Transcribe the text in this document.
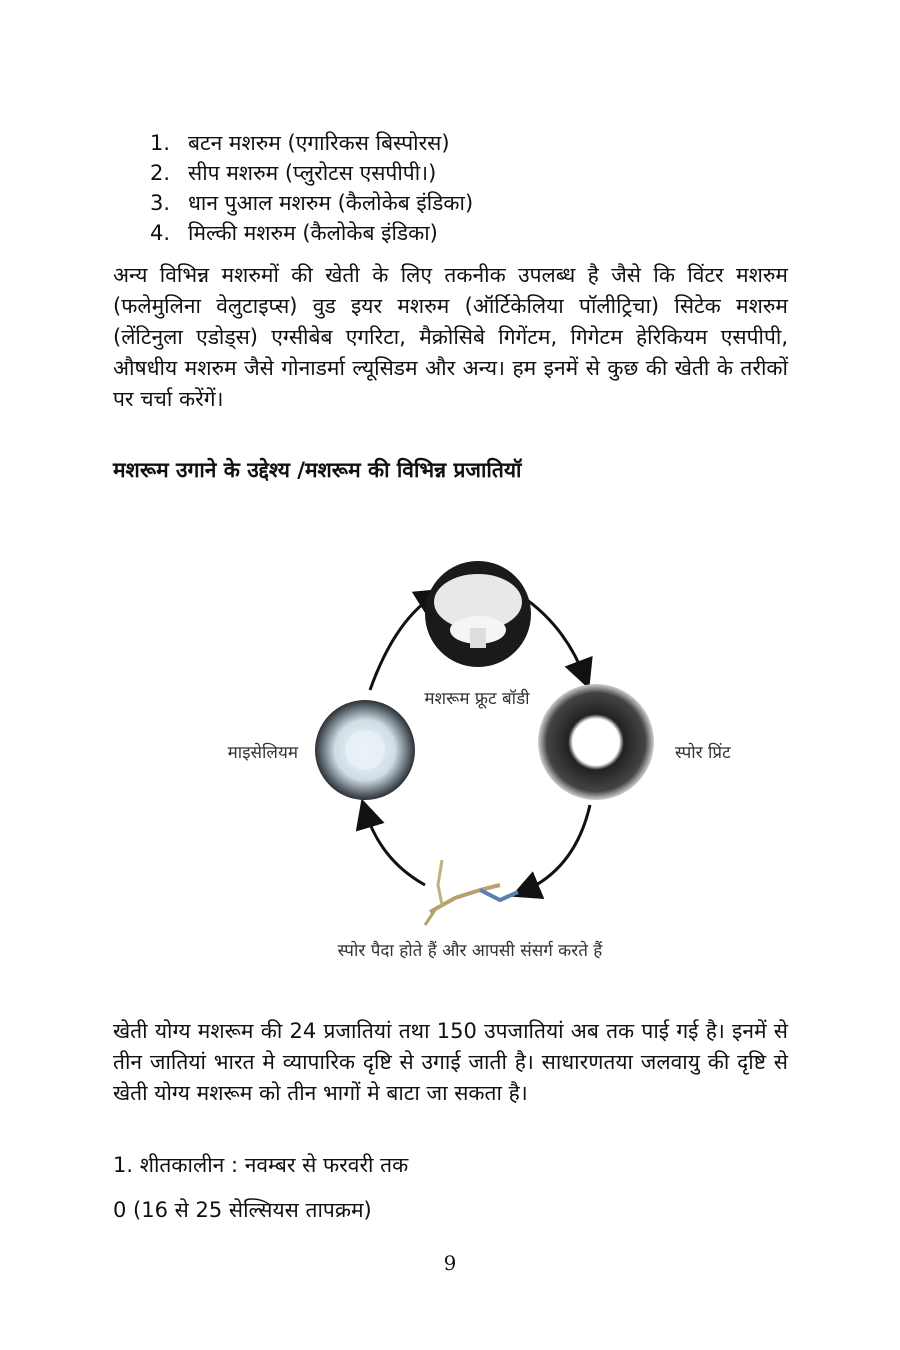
1. बटन मशरुम (एगारिकस बिस्पोरस)
2. सीप मशरुम (प्लुरोटस एसपीपी।)
3. धान पुआल मशरुम (कैलोकेब इंडिका)
4. मिल्की मशरुम (कैलोकेब इंडिका)

अन्य विभिन्न मशरुमों की खेती के लिए तकनीक उपलब्ध है जैसे कि विंटर मशरुम (फलेमुलिना वेलुटाइप्स) वुड इयर मशरुम (ऑर्टिकेलिया पॉलीट्रिचा) सिटेक मशरुम (लेंटिनुला एडोड्स) एग्सीबेब एगरिटा, मैक्रोसिबे गिगेंटम, गिगेटम हेरिकियम एसपीपी, औषधीय मशरुम जैसे गोनाडर्मा ल्यूसिडम और अन्य। हम इनमें से कुछ की खेती के तरीकों पर चर्चा करेंगें।

मशरूम उगाने के उद्देश्य /मशरूम की विभिन्न प्रजातियॉ

मशरूम फ्रूट बॉडी
स्पोर प्रिंट
माइसेलियम
स्पोर पैदा होते हैं और आपसी संसर्ग करते हैं

खेती योग्य मशरूम की 24 प्रजातियां तथा 150 उपजातियां अब तक पाई गई है। इनमें से तीन जातियां भारत मे व्यापारिक दृष्टि से उगाई जाती है। साधारणतया जलवायु की दृष्टि से खेती योग्य मशरूम को तीन भागों मे बाटा जा सकता है।

1. शीतकालीन : नवम्बर से फरवरी तक

0 (16 से 25 सेल्सियस तापक्रम)

9
